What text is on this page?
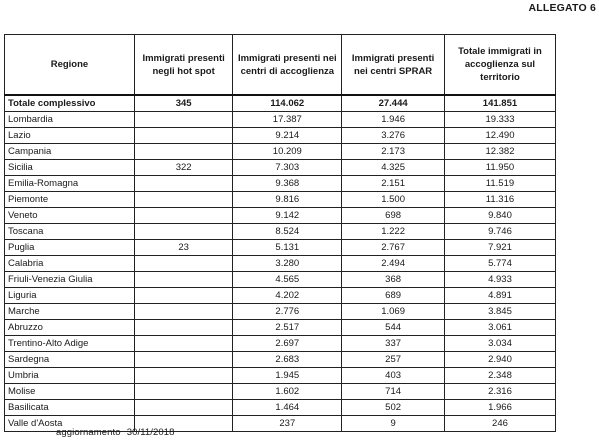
ALLEGATO 6
Regione	Immigrati presenti negli hot spot	Immigrati presenti nei centri di accoglienza	Immigrati presenti nei centri SPRAR	Totale immigrati in accoglienza sul territorio
Totale complessivo	345	114.062	27.444	141.851
Lombardia		17.387	1.946	19.333
Lazio		9.214	3.276	12.490
Campania		10.209	2.173	12.382
Sicilia	322	7.303	4.325	11.950
Emilia-Romagna		9.368	2.151	11.519
Piemonte		9.816	1.500	11.316
Veneto		9.142	698	9.840
Toscana		8.524	1.222	9.746
Puglia	23	5.131	2.767	7.921
Calabria		3.280	2.494	5.774
Friuli-Venezia Giulia		4.565	368	4.933
Liguria		4.202	689	4.891
Marche		2.776	1.069	3.845
Abruzzo		2.517	544	3.061
Trentino-Alto Adige		2.697	337	3.034
Sardegna		2.683	257	2.940
Umbria		1.945	403	2.348
Molise		1.602	714	2.316
Basilicata		1.464	502	1.966
Valle d'Aosta		237	9	246
aggiornamento 30/11/2018
